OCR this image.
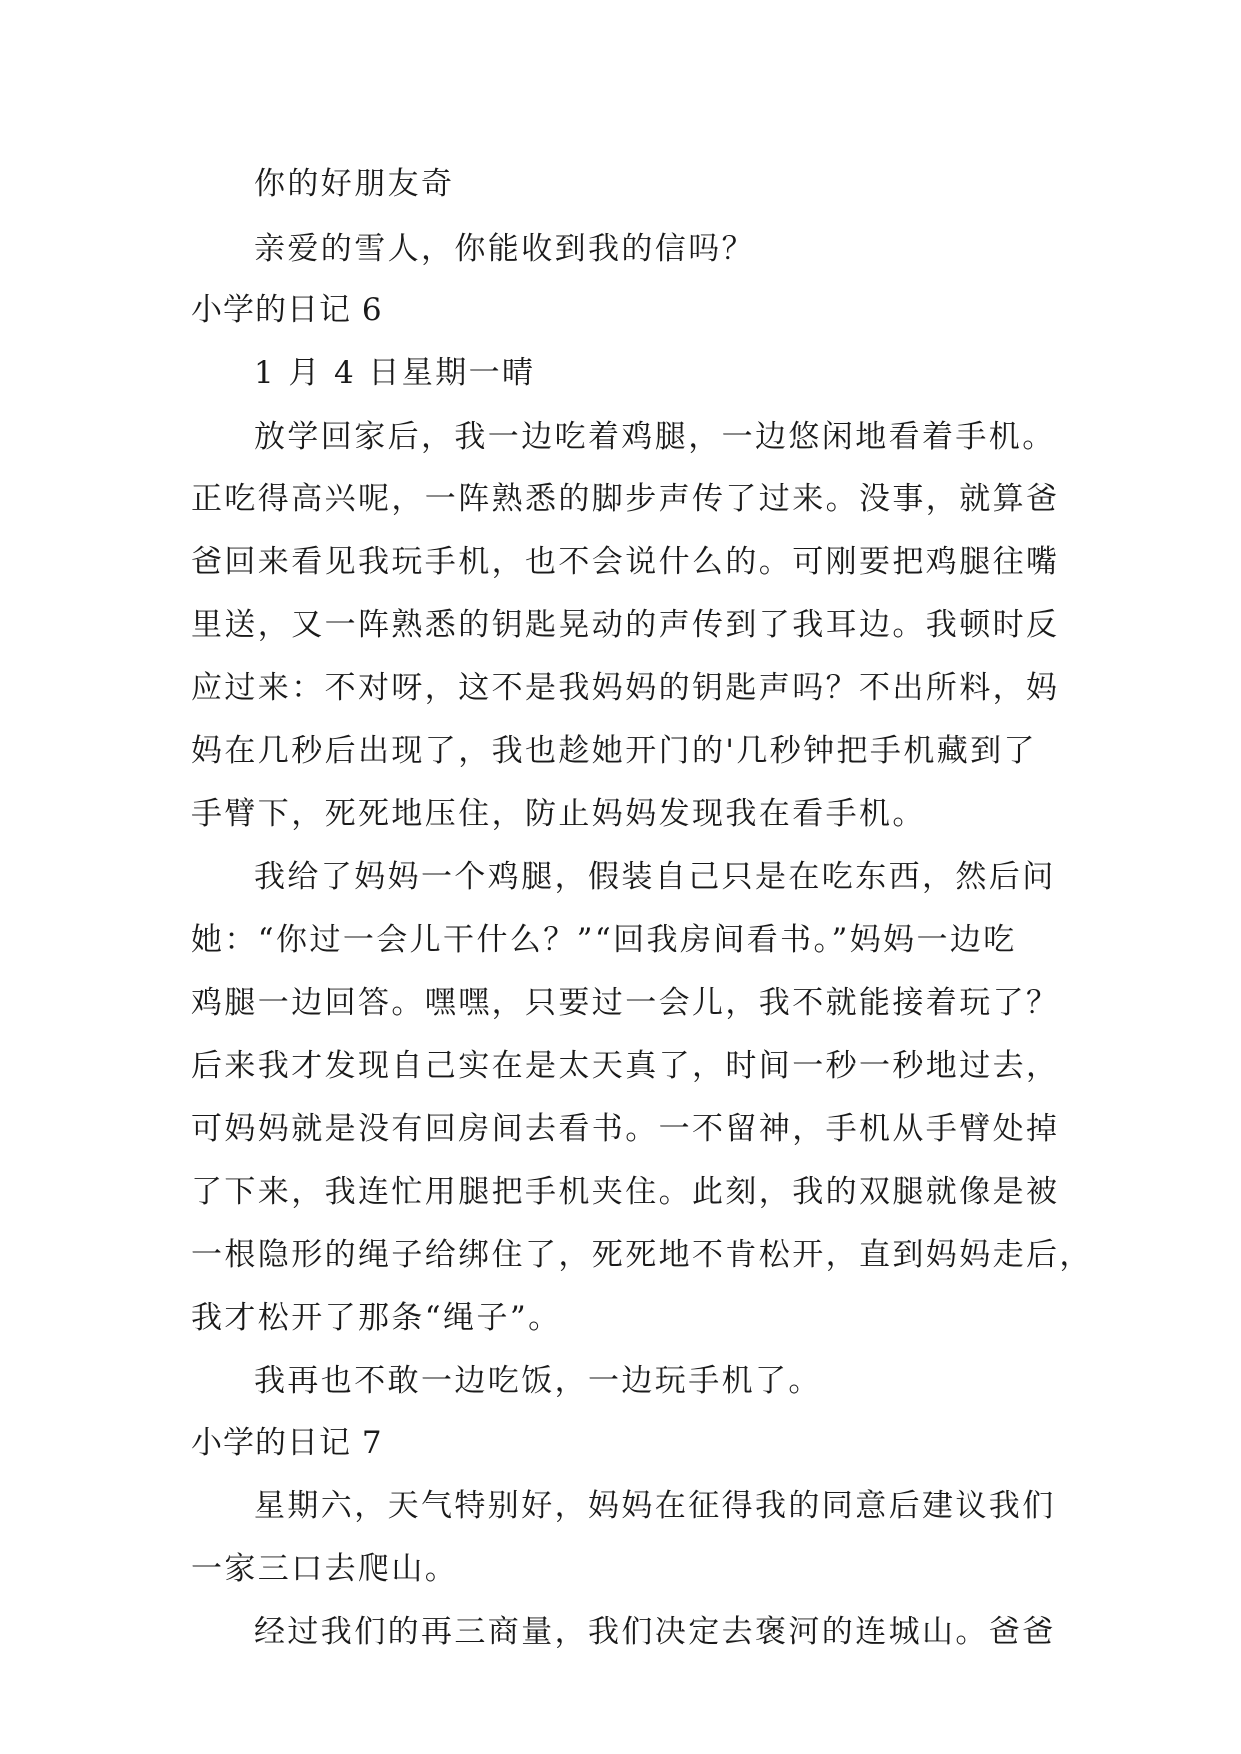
你的好朋友奇
亲爱的雪人，你能收到我的信吗？
小学的日记 6
1 月 4 日星期一晴
放学回家后，我一边吃着鸡腿，一边悠闲地看着手机。
正吃得高兴呢，一阵熟悉的脚步声传了过来。没事，就算爸
爸回来看见我玩手机，也不会说什么的。可刚要把鸡腿往嘴
里送，又一阵熟悉的钥匙晃动的声传到了我耳边。我顿时反
应过来：不对呀，这不是我妈妈的钥匙声吗？不出所料，妈
妈在几秒后出现了，我也趁她开门的'几秒钟把手机藏到了
手臂下，死死地压住，防止妈妈发现我在看手机。
我给了妈妈一个鸡腿，假装自己只是在吃东西，然后问
她：“你过一会儿干什么？”“回我房间看书。”妈妈一边吃
鸡腿一边回答。嘿嘿，只要过一会儿，我不就能接着玩了？
后来我才发现自己实在是太天真了，时间一秒一秒地过去，
可妈妈就是没有回房间去看书。一不留神，手机从手臂处掉
了下来，我连忙用腿把手机夹住。此刻，我的双腿就像是被
一根隐形的绳子给绑住了，死死地不肯松开，直到妈妈走后，
我才松开了那条“绳子”。
我再也不敢一边吃饭，一边玩手机了。
小学的日记 7
星期六，天气特别好，妈妈在征得我的同意后建议我们
一家三口去爬山。
经过我们的再三商量，我们决定去褒河的连城山。爸爸
